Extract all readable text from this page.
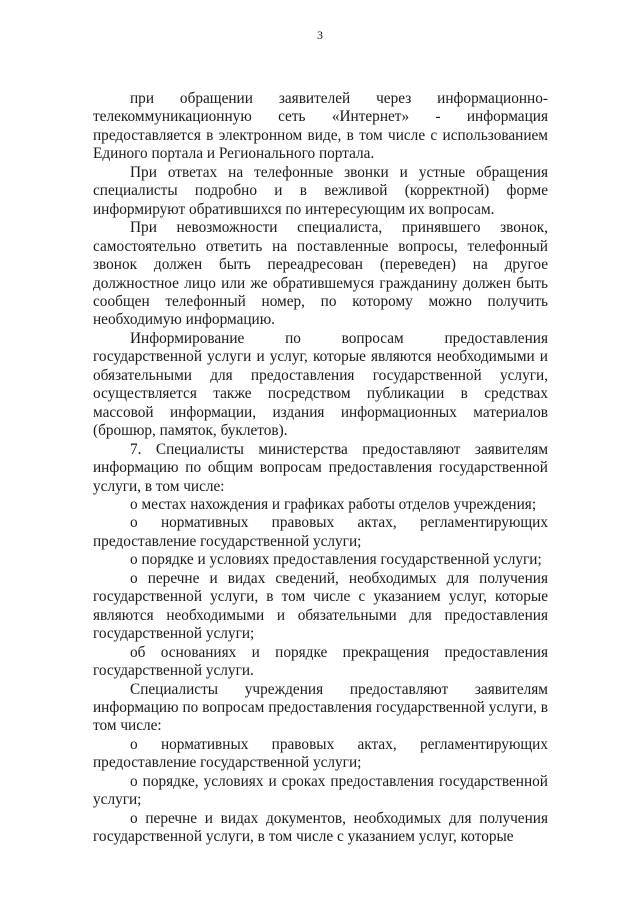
3

при обращении заявителей через информационно-телекоммуникационную сеть «Интернет» - информация предоставляется в электронном виде, в том числе с использованием Единого портала и Регионального портала.

При ответах на телефонные звонки и устные обращения специалисты подробно и в вежливой (корректной) форме информируют обратившихся по интересующим их вопросам.

При невозможности специалиста, принявшего звонок, самостоятельно ответить на поставленные вопросы, телефонный звонок должен быть переадресован (переведен) на другое должностное лицо или же обратившемуся гражданину должен быть сообщен телефонный номер, по которому можно получить необходимую информацию.

Информирование по вопросам предоставления государственной услуги и услуг, которые являются необходимыми и обязательными для предоставления государственной услуги, осуществляется также посредством публикации в средствах массовой информации, издания информационных материалов (брошюр, памяток, буклетов).

7. Специалисты министерства предоставляют заявителям информацию по общим вопросам предоставления государственной услуги, в том числе:

о местах нахождения и графиках работы отделов учреждения;

о нормативных правовых актах, регламентирующих предоставление государственной услуги;

о порядке и условиях предоставления государственной услуги;

о перечне и видах сведений, необходимых для получения государственной услуги, в том числе с указанием услуг, которые являются необходимыми и обязательными для предоставления государственной услуги;

об основаниях и порядке прекращения предоставления государственной услуги.

Специалисты учреждения предоставляют заявителям информацию по вопросам предоставления государственной услуги, в том числе:

о нормативных правовых актах, регламентирующих предоставление государственной услуги;

о порядке, условиях и сроках предоставления государственной услуги;

о перечне и видах документов, необходимых для получения государственной услуги, в том числе с указанием услуг, которые
